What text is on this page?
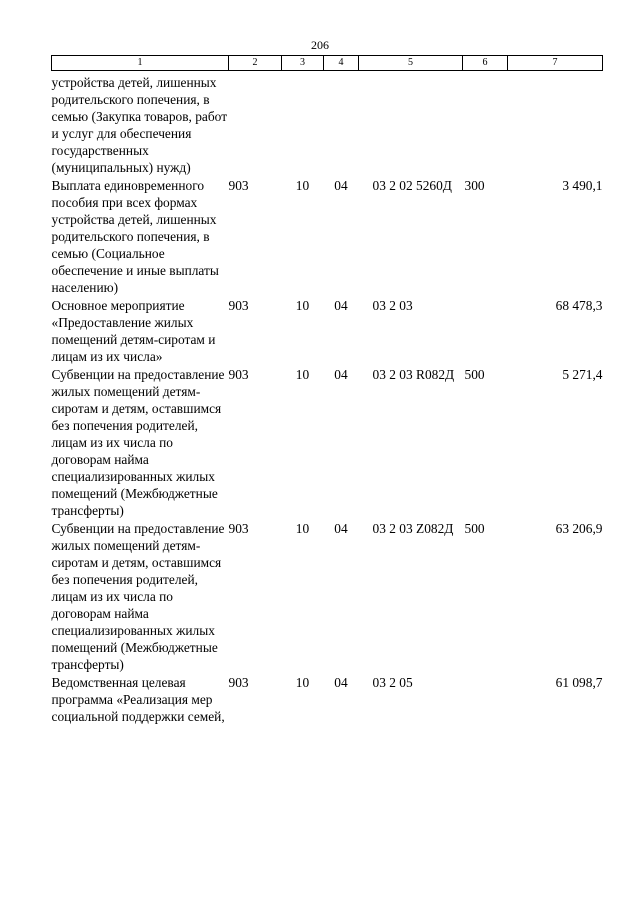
206
1	2	3	4	5	6	7
устройства детей, лишенных родительского попечения, в семью (Закупка товаров, работ и услуг для обеспечения государственных (муниципальных) нужд)						
Выплата единовременного пособия при всех формах устройства детей, лишенных родительского попечения, в семью (Социальное обеспечение и иные выплаты населению)	903	10	04	03 2 02 5260Д	300	3 490,1
Основное мероприятие «Предоставление жилых помещений детям-сиротам и лицам из их числа»	903	10	04	03 2 03		68 478,3
Субвенции на предоставление жилых помещений детям-сиротам и детям, оставшимся без попечения родителей, лицам из их числа по договорам найма специализированных жилых помещений (Межбюджетные трансферты)	903	10	04	03 2 03 R082Д	500	5 271,4
Субвенции на предоставление жилых помещений детям-сиротам и детям, оставшимся без попечения родителей, лицам из их числа по договорам найма специализированных жилых помещений (Межбюджетные трансферты)	903	10	04	03 2 03 Z082Д	500	63 206,9
Ведомственная целевая программа «Реализация мер социальной поддержки семей,	903	10	04	03 2 05		61 098,7
